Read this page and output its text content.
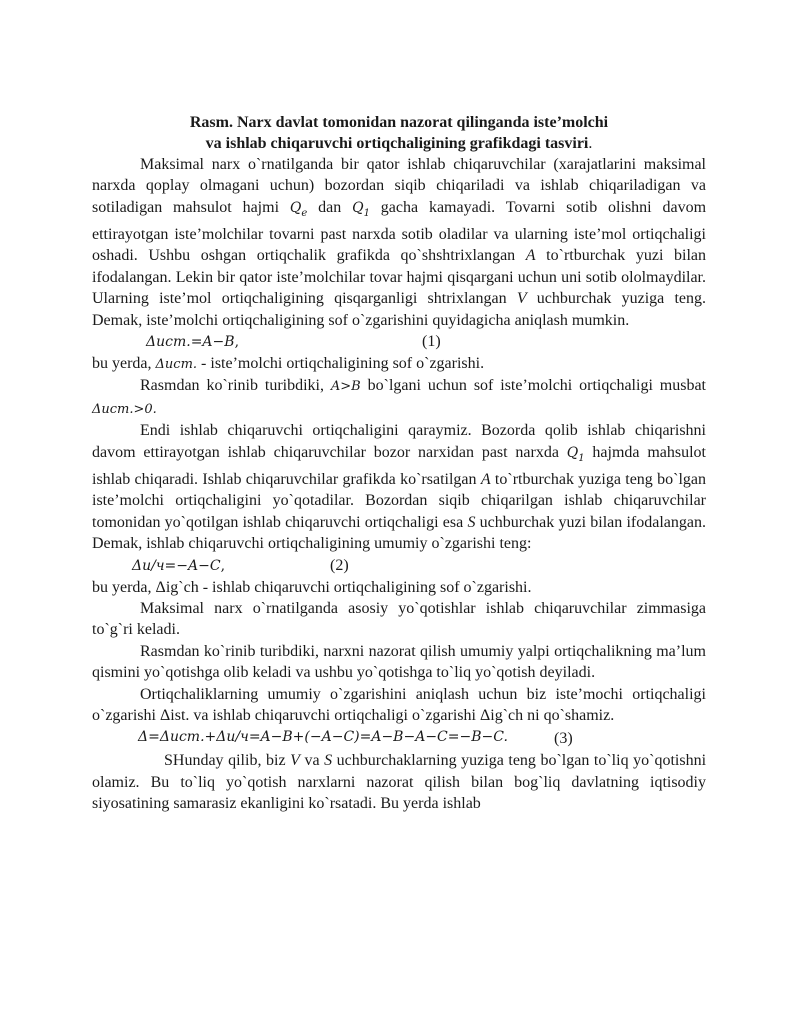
Rasm. Narx davlat tomonidan nazorat qilinganda iste’molchi
va ishlab chiqaruvchi ortiqchaligining grafikdagi tasviri.

Maksimal narx o`rnatilganda bir qator ishlab chiqaruvchilar (xarajatlarini maksimal narxda qoplay olmagani uchun) bozordan siqib chiqariladi va ishlab chiqariladigan va sotiladigan mahsulot hajmi $Q_e$ dan $Q_1$ gacha kamayadi. Tovarni sotib olishni davom ettirayotgan iste’molchilar tovarni past narxda sotib oladilar va ularning iste’mol ortiqchaligi oshadi. Ushbu oshgan ortiqchalik grafikda qo`shshtrixlangan A to`rtburchak yuzi bilan ifodalangan. Lekin bir qator iste’molchilar tovar hajmi qisqargani uchun uni sotib ololmaydilar. Ularning iste’mol ortiqchaligining qisqarganligi shtrixlangan V uchburchak yuziga teng. Demak, iste’molchi ortiqchaligining sof o`zgarishini quyidagicha aniqlash mumkin.

Δист.=A−B,	(1)

bu yerda, Δист. - iste’molchi ortiqchaligining sof o`zgarishi.

Rasmdan ko`rinib turibdiki, A>B bo`lgani uchun sof iste’molchi ortiqchaligi musbat Δист.>0.

Endi ishlab chiqaruvchi ortiqchaligini qaraymiz. Bozorda qolib ishlab chiqarishni davom ettirayotgan ishlab chiqaruvchilar bozor narxidan past narxda $Q_1$ hajmda mahsulot ishlab chiqaradi. Ishlab chiqaruvchilar grafikda ko`rsatilgan A to`rtburchak yuziga teng bo`lgan iste’molchi ortiqchaligini yo`qotadilar. Bozordan siqib chiqarilgan ishlab chiqaruvchilar tomonidan yo`qotilgan ishlab chiqaruvchi ortiqchaligi esa S uchburchak yuzi bilan ifodalangan. Demak, ishlab chiqaruvchi ortiqchaligining umumiy o`zgarishi teng:

Δи/ч=−A−C,	(2)

bu yerda, Δig`ch - ishlab chiqaruvchi ortiqchaligining sof o`zgarishi.

Maksimal narx o`rnatilganda asosiy yo`qotishlar ishlab chiqaruvchilar zimmasiga to`g`ri keladi.

Rasmdan ko`rinib turibdiki, narxni nazorat qilish umumiy yalpi ortiqchalikning ma’lum qismini yo`qotishga olib keladi va ushbu yo`qotishga to`liq yo`qotish deyiladi.

Ortiqchaliklarning umumiy o`zgarishini aniqlash uchun biz iste’mochi ortiqchaligi o`zgarishi Δist. va ishlab chiqaruvchi ortiqchaligi o`zgarishi Δig`ch ni qo`shamiz.

Δ=Δист.+Δи/ч=A−B+(−A−C)=A−B−A−C=−B−C.	(3)

SHunday qilib, biz V va S uchburchaklarning yuziga teng bo`lgan to`liq yo`qotishni olamiz. Bu to`liq yo`qotish narxlarni nazorat qilish bilan bog`liq davlatning iqtisodiy siyosatining samarasiz ekanligini ko`rsatadi. Bu yerda ishlab
